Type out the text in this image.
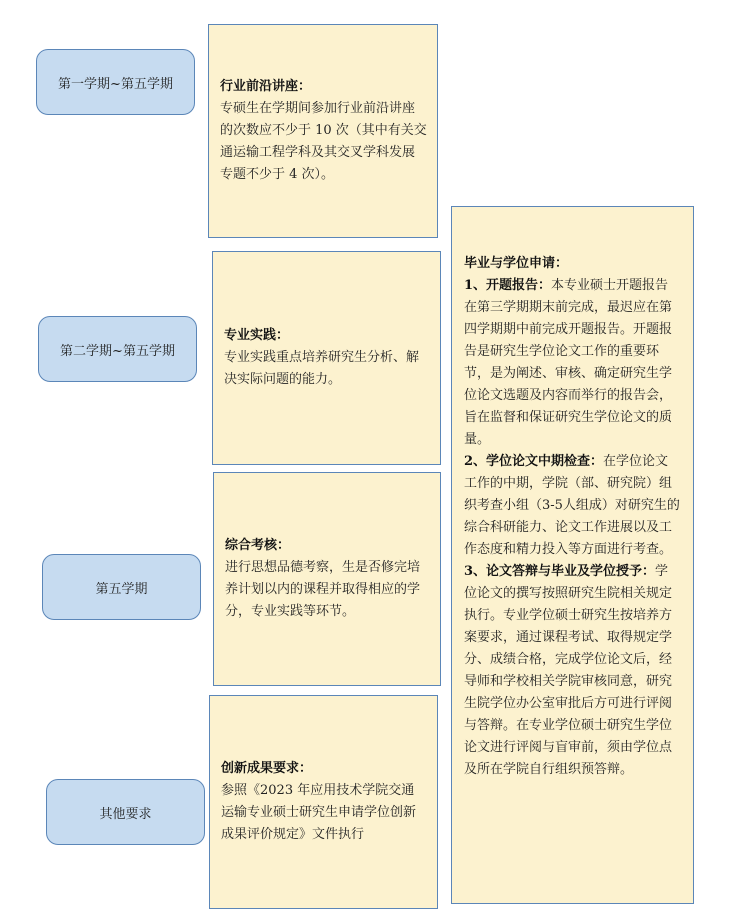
第一学期~第五学期
第二学期~第五学期
第五学期
其他要求
行业前沿讲座：
专硕生在学期间参加行业前沿讲座的次数应不少于 10 次（其中有关交通运输工程学科及其交叉学科发展专题不少于 4 次）。
专业实践：
专业实践重点培养研究生分析、解决实际问题的能力。
综合考核：
进行思想品德考察，生是否修完培养计划以内的课程并取得相应的学分，专业实践等环节。
创新成果要求：
参照《2023 年应用技术学院交通运输专业硕士研究生申请学位创新成果评价规定》文件执行
毕业与学位申请：
1、开题报告：本专业硕士开题报告在第三学期期末前完成，最迟应在第四学期期中前完成开题报告。开题报告是研究生学位论文工作的重要环节，是为阐述、审核、确定研究生学位论文选题及内容而举行的报告会，旨在监督和保证研究生学位论文的质量。
2、学位论文中期检查：在学位论文工作的中期，学院（部、研究院）组织考查小组（3-5人组成）对研究生的综合科研能力、论文工作进展以及工作态度和精力投入等方面进行考查。
3、论文答辩与毕业及学位授予：学位论文的撰写按照研究生院相关规定执行。专业学位硕士研究生按培养方案要求，通过课程考试、取得规定学分、成绩合格，完成学位论文后，经导师和学校相关学院审核同意，研究生院学位办公室审批后方可进行评阅与答辩。在专业学位硕士研究生学位论文进行评阅与盲审前，须由学位点及所在学院自行组织预答辩。
